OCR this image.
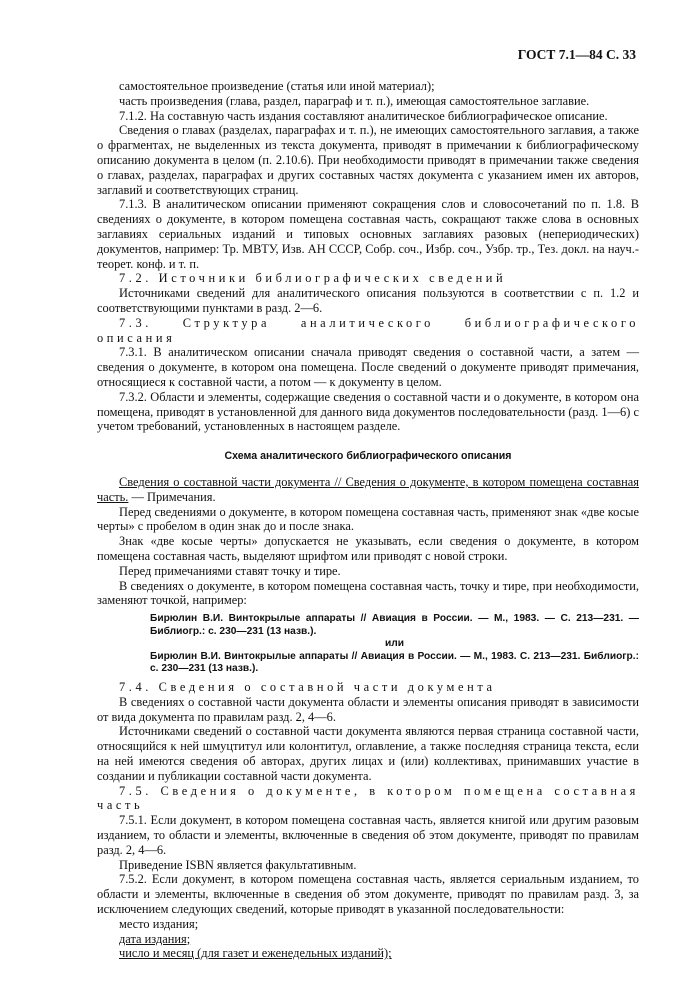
ГОСТ 7.1—84 С. 33

самостоятельное произведение (статья или иной материал);

часть произведения (глава, раздел, параграф и т. п.), имеющая самостоятельное заглавие.

7.1.2. На составную часть издания составляют аналитическое библиографическое описание.

Сведения о главах (разделах, параграфах и т. п.), не имеющих самостоятельного заглавия, а также о фрагментах, не выделенных из текста документа, приводят в примечании к библиографическому описанию документа в целом (п. 2.10.6). При необходимости приводят в примечании также сведения о главах, разделах, параграфах и других составных частях документа с указанием имен их авторов, заглавий и соответствующих страниц.

7.1.3. В аналитическом описании применяют сокращения слов и словосочетаний по п. 1.8. В сведениях о документе, в котором помещена составная часть, сокращают также слова в основных заглавиях сериальных изданий и типовых основных заглавиях разовых (непериодических) документов, например: Тр. МВТУ, Изв. АН СССР, Собр. соч., Избр. соч., Узбр. тр., Тез. докл. на науч.-теорет. конф. и т. п.

7.2. Источники библиографических сведений

Источниками сведений для аналитического описания пользуются в соответствии с п. 1.2 и соответствующими пунктами в разд. 2—6.

7.3. Структура аналитического библиографического описания

7.3.1. В аналитическом описании сначала приводят сведения о составной части, а затем — сведения о документе, в котором она помещена. После сведений о документе приводят примечания, относящиеся к составной части, а потом — к документу в целом.

7.3.2. Области и элементы, содержащие сведения о составной части и о документе, в котором она помещена, приводят в установленной для данного вида документов последовательности (разд. 1—6) с учетом требований, установленных в настоящем разделе.

Схема аналитического библиографического описания

Сведения о составной части документа // Сведения о документе, в котором помещена составная часть. — Примечания.

Перед сведениями о документе, в котором помещена составная часть, применяют знак «две косые черты» с пробелом в один знак до и после знака.

Знак «две косые черты» допускается не указывать, если сведения о документе, в котором помещена составная часть, выделяют шрифтом или приводят с новой строки.

Перед примечаниями ставят точку и тире.

В сведениях о документе, в котором помещена составная часть, точку и тире, при необходимости, заменяют точкой, например:

Бирюлин В.И. Винтокрылые аппараты // Авиация в России. — М., 1983. — С. 213—231. — Библиогр.: с. 230—231 (13 назв.).
или
Бирюлин В.И. Винтокрылые аппараты // Авиация в России. — М., 1983. С. 213—231. Библиогр.: с. 230—231 (13 назв.).

7.4. Сведения о составной части документа

В сведениях о составной части документа области и элементы описания приводят в зависимости от вида документа по правилам разд. 2, 4—6.

Источниками сведений о составной части документа являются первая страница составной части, относящийся к ней шмуцтитул или колонтитул, оглавление, а также последняя страница текста, если на ней имеются сведения об авторах, других лицах и (или) коллективах, принимавших участие в создании и публикации составной части документа.

7.5. Сведения о документе, в котором помещена составная часть

7.5.1. Если документ, в котором помещена составная часть, является книгой или другим разовым изданием, то области и элементы, включенные в сведения об этом документе, приводят по правилам разд. 2, 4—6.

Приведение ISBN является факультативным.

7.5.2. Если документ, в котором помещена составная часть, является сериальным изданием, то области и элементы, включенные в сведения об этом документе, приводят по правилам разд. 3, за исключением следующих сведений, которые приводят в указанной последовательности:

место издания;

дата издания;

число и месяц (для газет и еженедельных изданий);
